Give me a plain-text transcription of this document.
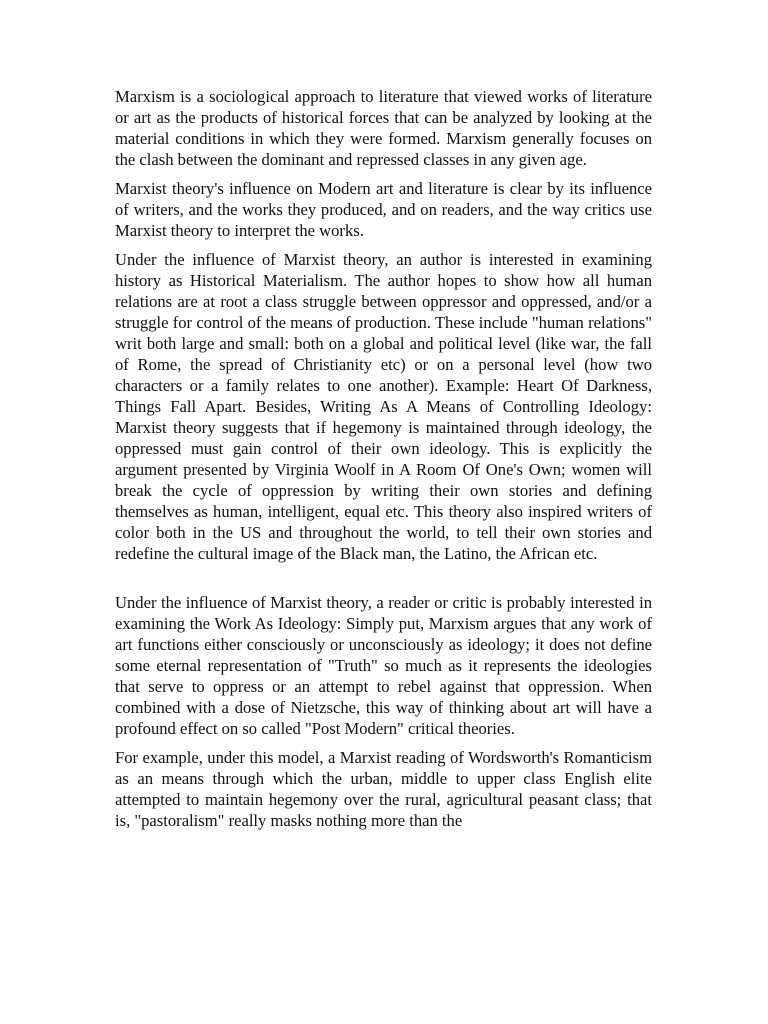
Marxism is a sociological approach to literature that viewed works of literature or art as the products of historical forces that can be analyzed by looking at the material conditions in which they were formed. Marxism generally focuses on the clash between the dominant and repressed classes in any given age.

Marxist theory's influence on Modern art and literature is clear by its influence of writers, and the works they produced, and on readers, and the way critics use Marxist theory to interpret the works.

Under the influence of Marxist theory, an author is interested in examining history as Historical Materialism. The author hopes to show how all human relations are at root a class struggle between oppressor and oppressed, and/or a struggle for control of the means of production. These include "human relations" writ both large and small: both on a global and political level (like war, the fall of Rome, the spread of Christianity etc) or on a personal level (how two characters or a family relates to one another). Example: Heart Of Darkness, Things Fall Apart. Besides, Writing As A Means of Controlling Ideology: Marxist theory suggests that if hegemony is maintained through ideology, the oppressed must gain control of their own ideology. This is explicitly the argument presented by Virginia Woolf in A Room Of One's Own; women will break the cycle of oppression by writing their own stories and defining themselves as human, intelligent, equal etc. This theory also inspired writers of color both in the US and throughout the world, to tell their own stories and redefine the cultural image of the Black man, the Latino, the African etc.

Under the influence of Marxist theory, a reader or critic is probably interested in examining the Work As Ideology: Simply put, Marxism argues that any work of art functions either consciously or unconsciously as ideology; it does not define some eternal representation of "Truth" so much as it represents the ideologies that serve to oppress or an attempt to rebel against that oppression. When combined with a dose of Nietzsche, this way of thinking about art will have a profound effect on so called "Post Modern" critical theories.

For example, under this model, a Marxist reading of Wordsworth's Romanticism as an means through which the urban, middle to upper class English elite attempted to maintain hegemony over the rural, agricultural peasant class; that is, "pastoralism" really masks nothing more than the
